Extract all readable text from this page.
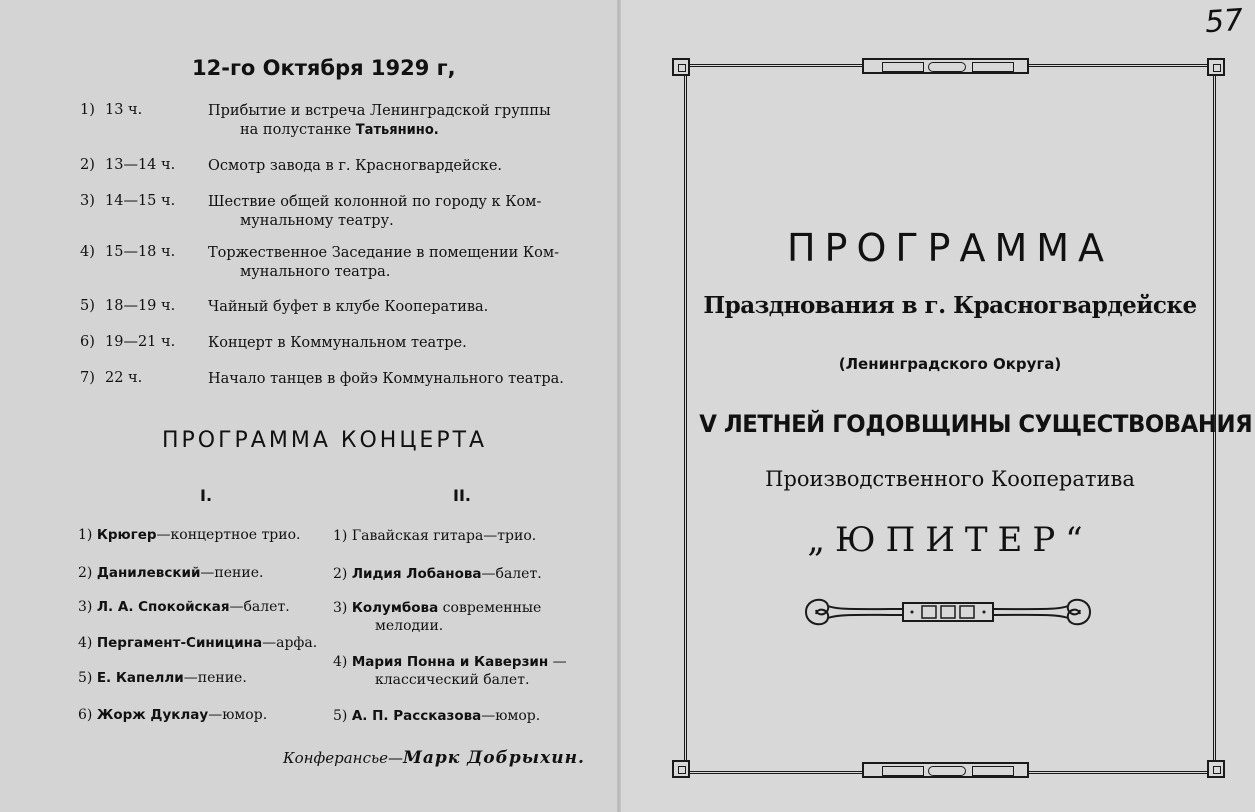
12-го Октября 1929 г,
1) 13 ч.	Прибытие и встреча Ленинградской группы
на полустанке Татьянино.
2) 13—14 ч. Осмотр завода в г. Красногвардейске.
3) 14—15 ч. Шествие общей колонной по городу к Ком-
мунальному театру.
4) 15—18 ч. Торжественное Заседание в помещении Ком-
мунального театра.
5) 18—19 ч. Чайный буфет в клубе Кооператива.
6) 19—21 ч. Концерт в Коммунальном театре.
7) 22 ч.	Начало танцев в фойэ Коммунального театра.
ПРОГРАММА КОНЦЕРТА
I.	II.
1) Крюгер—концертное трио.
2) Данилевский—пение.
3) Л. А. Спокойская—балет.
4) Пергамент-Синицина—арфа.
5) Е. Капелли—пение.
6) Жорж Дуклау—юмор.
1) Гавайская гитара—трио.
2) Лидия Лобанова—балет.
3) Колумбова современные
мелодии.
4) Мария Понна и Каверзин —
классический балет.
5) А. П. Рассказова—юмор.
Конферансье—Марк Добрыхин.
57
ПРОГРАММА
Празднования в г. Красногвардейске
(Ленинградского Округа)
V ЛЕТНЕЙ ГОДОВЩИНЫ СУЩЕСТВОВАНИЯ
Производственного Кооператива
„ЮПИТЕР“
